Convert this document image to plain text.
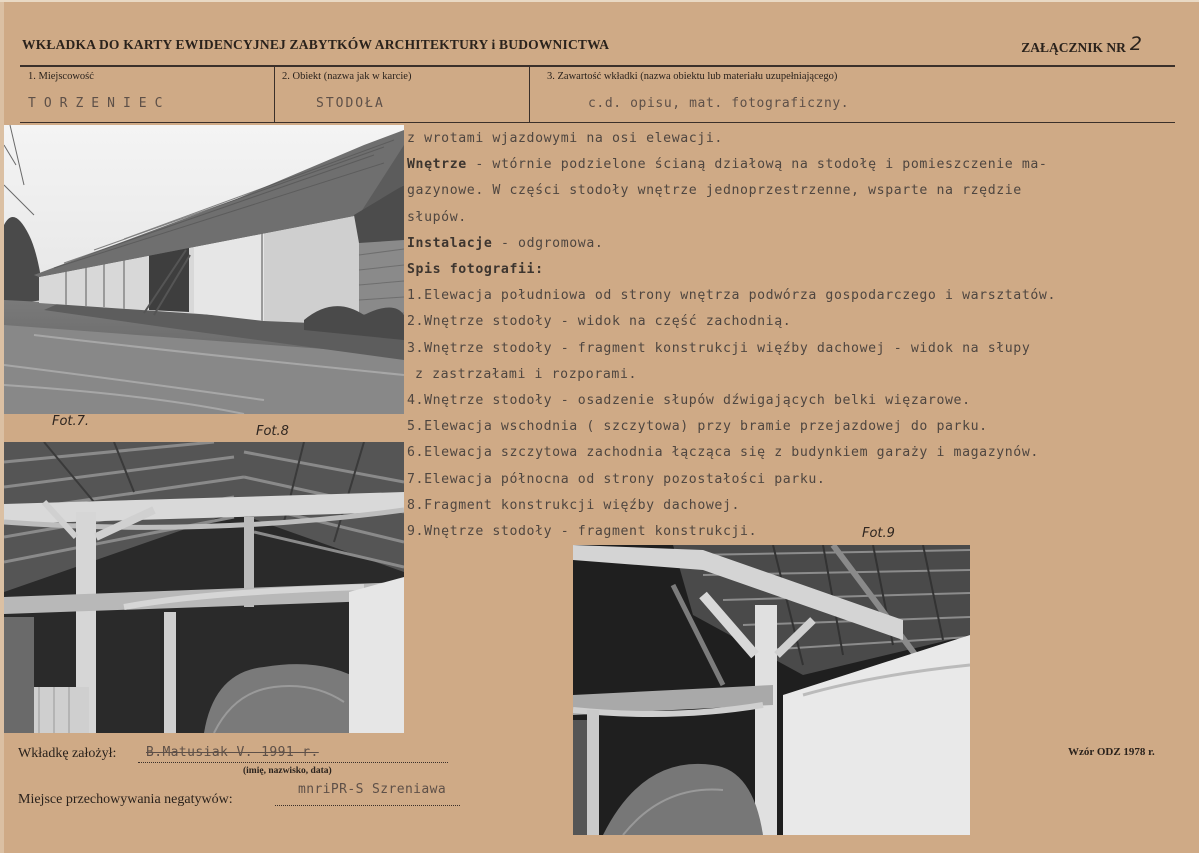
WKŁADKA DO KARTY EWIDENCYJNEJ ZABYTKÓW ARCHITEKTURY i BUDOWNICTWA	ZAŁĄCZNIK NR 2
1. Miejscowość
TORZENIEC
2. Obiekt (nazwa jak w karcie)
STODOŁA
3. Zawartość wkładki (nazwa obiektu lub materiału uzupełniającego)
c.d. opisu, mat. fotograficzny.
z wrotami wjazdowymi na osi elewacji.
Wnętrze - wtórnie podzielone ścianą działową na stodołę i pomieszczenie ma-
gazynowe. W części stodoły wnętrze jednoprzestrzenne, wsparte na rzędzie
słupów.
Instalacje - odgromowa.
Spis fotografii:
1.Elewacja południowa od strony wnętrza podwórza gospodarczego i warsztatów.
2.Wnętrze stodoły - widok na część zachodnią.
3.Wnętrze stodoły - fragment konstrukcji więźby dachowej - widok na słupy
z zastrzałami i rozporami.
4.Wnętrze stodoły - osadzenie słupów dźwigających belki więzarowe.
5.Elewacja wschodnia ( szczytowa) przy bramie przejazdowej do parku.
6.Elewacja szczytowa zachodnia łącząca się z budynkiem garaży i magazynów.
7.Elewacja północna od strony pozostałości parku.
8.Fragment konstrukcji więźby dachowej.
9.Wnętrze stodoły - fragment konstrukcji.
Fot.7.
Fot.8
Fot.9
Wkładkę założył: B.Matusiak V. 1991 r.
(imię, nazwisko, data)
Miejsce przechowywania negatywów:
mnriPR-S Szreniawa
Wzór ODZ 1978 r.
